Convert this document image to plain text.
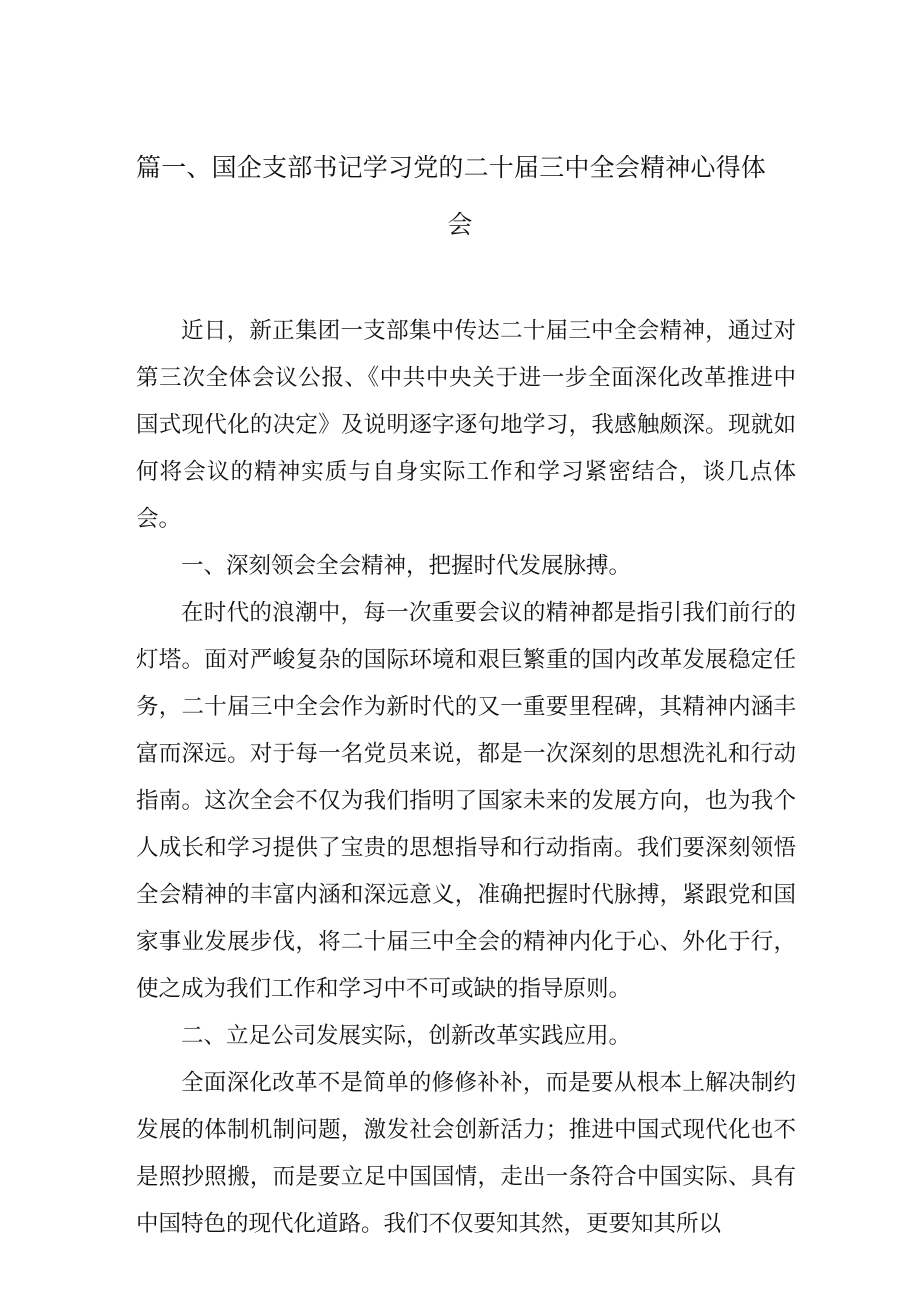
篇一、国企支部书记学习党的二十届三中全会精神心得体
会

近日，新正集团一支部集中传达二十届三中全会精神，通过对第三次全体会议公报、《中共中央关于进一步全面深化改革推进中国式现代化的决定》及说明逐字逐句地学习，我感触颇深。现就如何将会议的精神实质与自身实际工作和学习紧密结合，谈几点体会。

一、深刻领会全会精神，把握时代发展脉搏。

在时代的浪潮中，每一次重要会议的精神都是指引我们前行的灯塔。面对严峻复杂的国际环境和艰巨繁重的国内改革发展稳定任务，二十届三中全会作为新时代的又一重要里程碑，其精神内涵丰富而深远。对于每一名党员来说，都是一次深刻的思想洗礼和行动指南。这次全会不仅为我们指明了国家未来的发展方向，也为我个人成长和学习提供了宝贵的思想指导和行动指南。我们要深刻领悟全会精神的丰富内涵和深远意义，准确把握时代脉搏，紧跟党和国家事业发展步伐，将二十届三中全会的精神内化于心、外化于行，使之成为我们工作和学习中不可或缺的指导原则。

二、立足公司发展实际，创新改革实践应用。

全面深化改革不是简单的修修补补，而是要从根本上解决制约发展的体制机制问题，激发社会创新活力；推进中国式现代化也不是照抄照搬，而是要立足中国国情，走出一条符合中国实际、具有中国特色的现代化道路。我们不仅要知其然，更要知其所以
